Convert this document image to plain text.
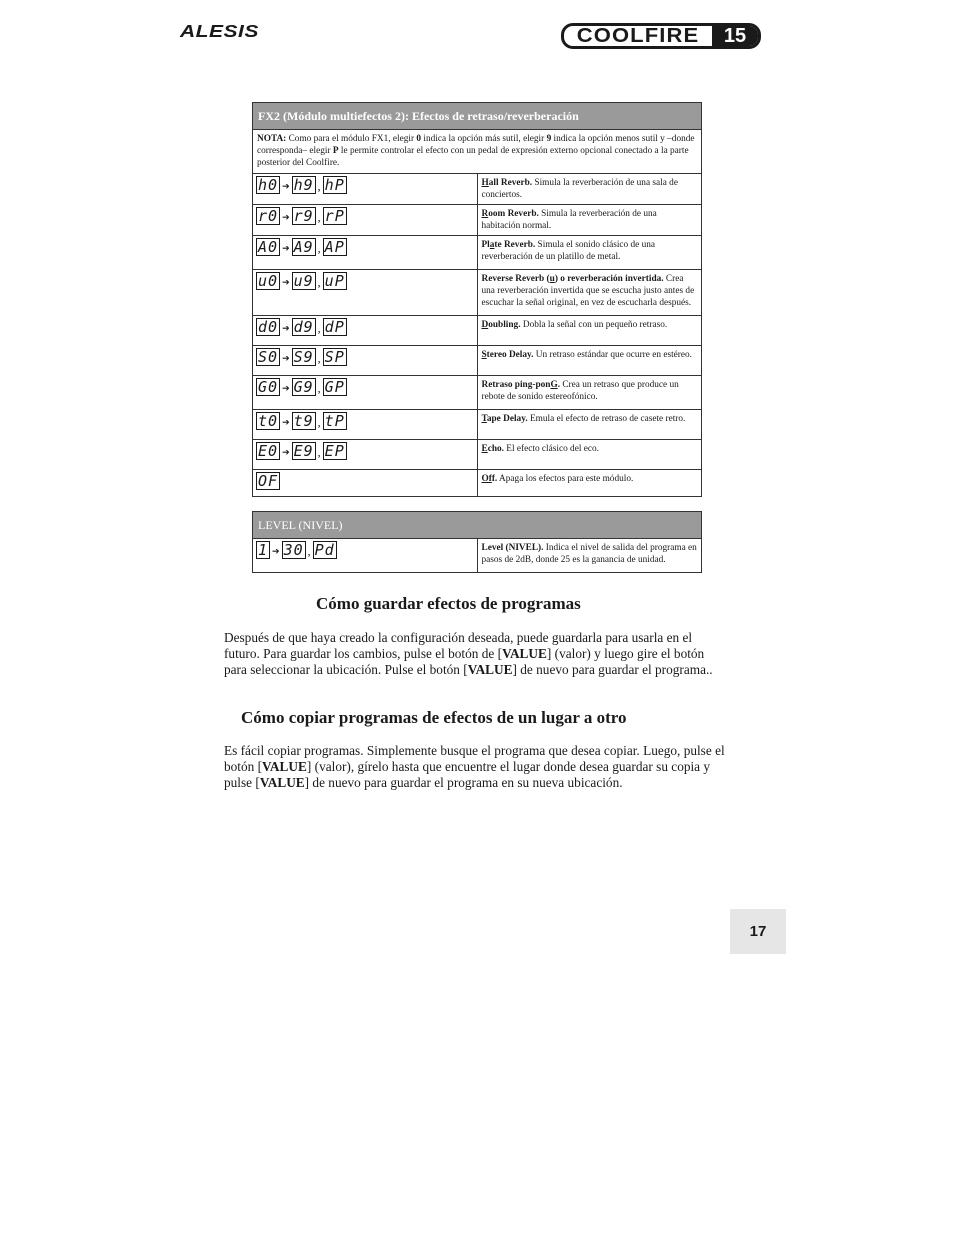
ALESIS	COOLFIRE	15
FX2 (Módulo multiefectos 2): Efectos de retraso/reverberación	
NOTA: Como para el módulo FX1, elegir 0 indica la opción más sutil, elegir 9 indica la opción menos sutil y –donde corresponda– elegir P le permite controlar el efecto con un pedal de expresión externo opcional conectado a la parte posterior del Coolfire.	

h0 ➔ h9 , hP	Hall Reverb. Simula la reverberación de una sala de conciertos.

r0 ➔ r9 , rP	Room Reverb. Simula la reverberación de una habitación normal.

A0 ➔ A9 , AP	Plate Reverb. Simula el sonido clásico de una reverberación de un platillo de metal.

u0 ➔ u9 , uP	Reverse Reverb (u) o reverberación invertida. Crea una reverberación invertida que se escucha justo antes de escuchar la señal original, en vez de escucharla después.

d0 ➔ d9 , dP	Doubling. Dobla la señal con un pequeño retraso.

S0 ➔ S9 , SP	Stereo Delay. Un retraso estándar que ocurre en estéreo.

G0 ➔ G9 , GP	Retraso ping-ponG. Crea un retraso que produce un rebote de sonido estereofónico.

t0 ➔ t9 , tP	Tape Delay. Emula el efecto de retraso de casete retro.

E0 ➔ E9 , EP	Echo. El efecto clásico del eco.

OF	Off. Apaga los efectos para este módulo.
LEVEL (NIVEL)

1 ➔ 30 , Pd	Level (NIVEL). Indica el nivel de salida del programa en pasos de 2dB, donde 25 es la ganancia de unidad.
Cómo guardar efectos de programas

Después de que haya creado la configuración deseada, puede guardarla para usarla en el futuro. Para guardar los cambios, pulse el botón de [VALUE] (valor) y luego gire el botón para seleccionar la ubicación. Pulse el botón [VALUE] de nuevo para guardar el programa..

Cómo copiar programas de efectos de un lugar a otro

Es fácil copiar programas. Simplemente busque el programa que desea copiar. Luego, pulse el botón [VALUE] (valor), gírelo hasta que encuentre el lugar donde desea guardar su copia y pulse [VALUE] de nuevo para guardar el programa en su nueva ubicación.

17
